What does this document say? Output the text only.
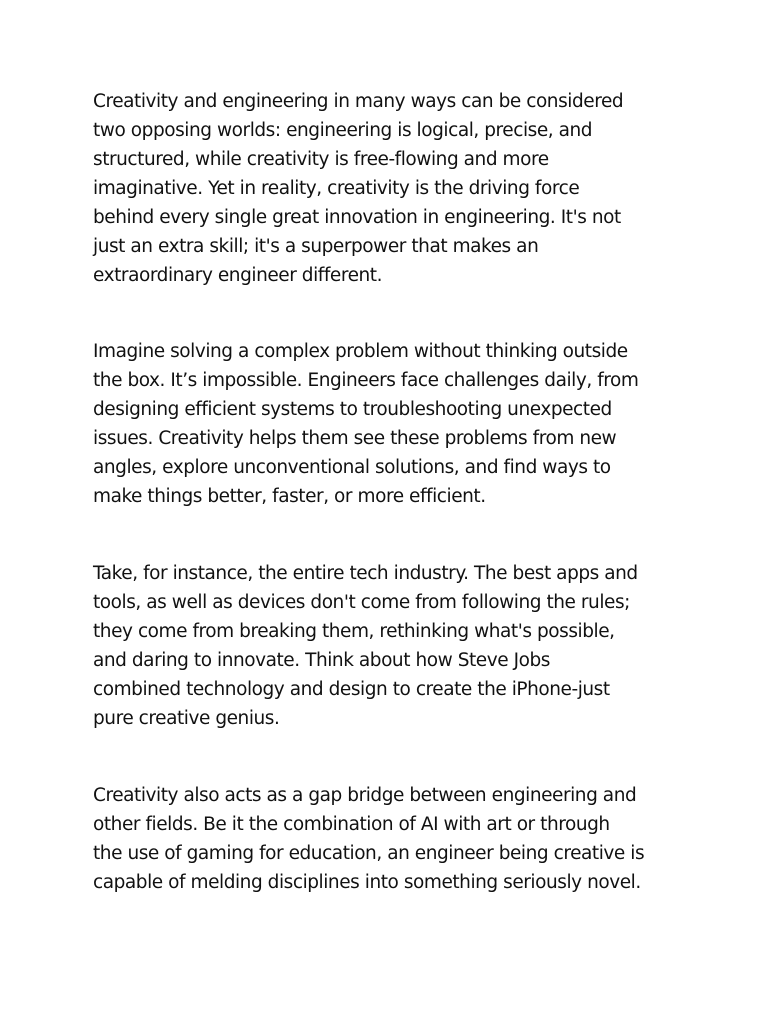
Creativity and engineering in many ways can be considered
two opposing worlds: engineering is logical, precise, and
structured, while creativity is free-flowing and more
imaginative. Yet in reality, creativity is the driving force
behind every single great innovation in engineering. It's not
just an extra skill; it's a superpower that makes an
extraordinary engineer different.

Imagine solving a complex problem without thinking outside
the box. It’s impossible. Engineers face challenges daily, from
designing efficient systems to troubleshooting unexpected
issues. Creativity helps them see these problems from new
angles, explore unconventional solutions, and find ways to
make things better, faster, or more efficient.

Take, for instance, the entire tech industry. The best apps and
tools, as well as devices don't come from following the rules;
they come from breaking them, rethinking what's possible,
and daring to innovate. Think about how Steve Jobs
combined technology and design to create the iPhone-just
pure creative genius.

Creativity also acts as a gap bridge between engineering and
other fields. Be it the combination of AI with art or through
the use of gaming for education, an engineer being creative is
capable of melding disciplines into something seriously novel.
